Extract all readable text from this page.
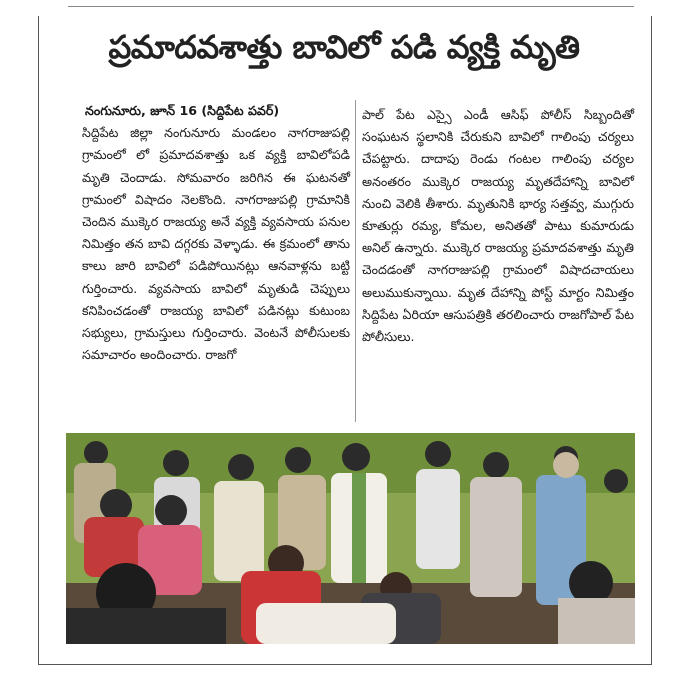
ప్రమాదవశాత్తు బావిలో పడి వ్యక్తి మృతి
నంగునూరు, జూన్ 16 (సిద్దిపేట పవర్)

సిద్దిపేట జిల్లా నంగునూరు మండలం నాగరాజుపల్లి గ్రామంలో లో ప్రమాదవశాత్తు ఒక వ్యక్తి బావిలోపడి మృతి చెందాడు. సోమవారం జరిగిన ఈ ఘటనతో గ్రామంలో విషాదం నెలకొంది. నాగరాజుపల్లి గ్రామానికి చెందిన ముక్కెర రాజయ్య అనే వ్యక్తి వ్యవసాయ పనుల నిమిత్తం తన బావి దగ్గరకు వెళ్ళాడు. ఈ క్రమంలో తాను కాలు జారి బావిలో పడిపోయినట్లు ఆనవాళ్లను బట్టి గుర్తించారు. వ్యవసాయ బావిలో మృతుడి చెప్పులు కనిపించడంతో రాజయ్య బావిలో పడినట్లు కుటుంబ సభ్యులు, గ్రామస్తులు గుర్తించారు. వెంటనే పోలీసులకు సమాచారం అందించారు. రాజగో

పాల్ పేట ఎస్సై ఎండీ ఆసిఫ్ పోలీస్ సిబ్బందితో సంఘటన స్థలానికి చేరుకుని బావిలో గాలింపు చర్యలు చేపట్టారు. దాదాపు రెండు గంటల గాలింపు చర్యల అనంతరం ముక్కెర రాజయ్య మృతదేహాన్ని బావిలో నుంచి వెలికి తీశారు. మృతునికి భార్య సత్తవ్వ, ముగ్గురు కూతుర్లు రమ్య, కోమల, అనితతో పాటు కుమారుడు అనిల్ ఉన్నారు. ముక్కెర రాజయ్య ప్రమాదవశాత్తు మృతి చెందడంతో నాగరాజుపల్లి గ్రామంలో విషాదచాయలు అలుముకున్నాయి. మృత దేహాన్ని పోస్ట్ మార్టం నిమిత్తం సిద్దిపేట ఏరియా ఆసుపత్రికి తరలించారు రాజగోపాల్ పేట పోలీసులు.
